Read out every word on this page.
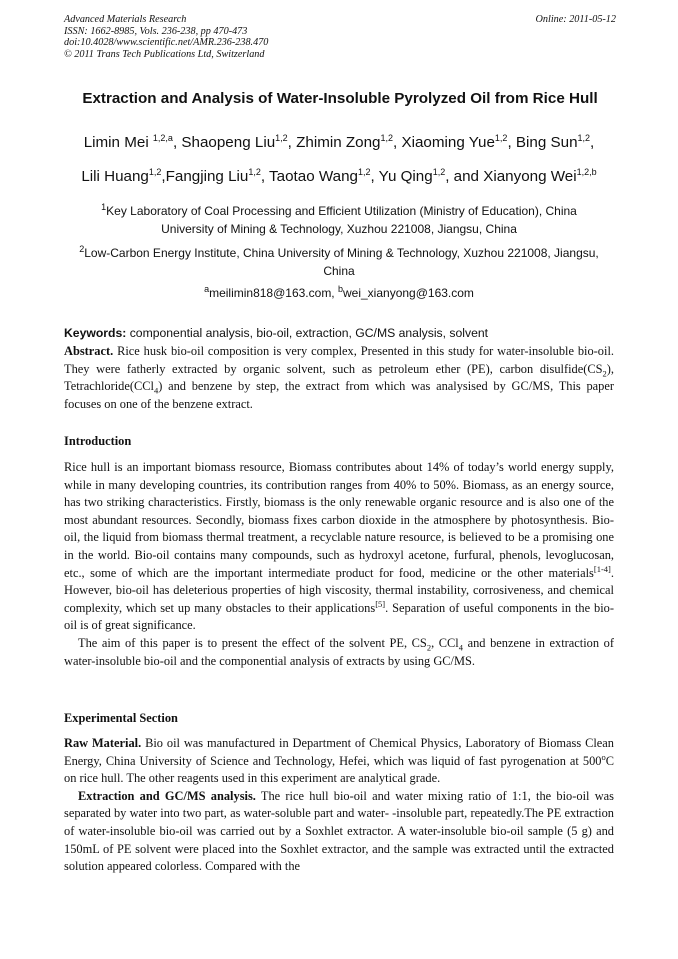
Advanced Materials Research
ISSN: 1662-8985, Vols. 236-238, pp 470-473
doi:10.4028/www.scientific.net/AMR.236-238.470
© 2011 Trans Tech Publications Ltd, Switzerland
Online: 2011-05-12
Extraction and Analysis of Water-Insoluble Pyrolyzed Oil from Rice Hull
Limin Mei $^{1,2,a}$, Shaopeng Liu$^{1,2}$, Zhimin Zong$^{1,2}$, Xiaoming Yue$^{1,2}$, Bing Sun$^{1,2}$,
Lili Huang$^{1,2}$,Fangjing Liu$^{1,2}$, Taotao Wang$^{1,2}$, Yu Qing$^{1,2}$, and Xianyong Wei$^{1,2,b}$
$^1$Key Laboratory of Coal Processing and Efficient Utilization (Ministry of Education), China
University of Mining & Technology, Xuzhou 221008, Jiangsu, China
$^2$Low-Carbon Energy Institute, China University of Mining & Technology, Xuzhou 221008, Jiangsu,
China
$^a$meilimin818@163.com, $^b$wei_xianyong@163.com
Keywords: componential analysis, bio-oil, extraction, GC/MS analysis, solvent

Abstract. Rice husk bio-oil composition is very complex, Presented in this study for water-insoluble bio-oil. They were fatherly extracted by organic solvent, such as petroleum ether (PE), carbon $disulfide(CS_2)$, Tetrachloride(CCl$_4$) and benzene by step, the extract from which was analysised by GC/MS, This paper focuses on one of the benzene extract.

Introduction

Rice hull is an important biomass resource, Biomass contributes about 14% of today’s world energy supply, while in many developing countries, its contribution ranges from 40% to 50%. Biomass, as an energy source, has two striking characteristics. Firstly, biomass is the only renewable organic resource and is also one of the most abundant resources. Secondly, biomass fixes carbon dioxide in the atmosphere by photosynthesis. Bio-oil, the liquid from biomass thermal treatment, a recyclable nature resource, is believed to be a promising one in the world. Bio-oil contains many compounds, such as hydroxyl acetone, furfural, phenols, levoglucosan, etc., some of which are the important intermediate product for food, medicine or the other materials[1-4]. However, bio-oil has deleterious properties of high viscosity, thermal instability, corrosiveness, and chemical complexity, which set up many obstacles to their applications[5]. Separation of useful components in the bio-oil is of great significance.

The aim of this paper is to present the effect of the solvent PE, $CS_2$, CCl$_4$ and benzene in extraction of water-insoluble bio-oil and the componential analysis of extracts by using GC/MS.

Experimental Section

Raw Material. Bio oil was manufactured in Department of Chemical Physics, Laboratory of Biomass Clean Energy, China University of Science and Technology, Hefei, which was liquid of fast pyrogenation at 500$^o$C on rice hull. The other reagents used in this experiment are analytical grade.

Extraction and GC/MS analysis. The rice hull bio-oil and water mixing ratio of 1:1, the bio-oil was separated by water into two part, as water-soluble part and water- -insoluble part, repeatedly.The PE extraction of water-insoluble bio-oil was carried out by a Soxhlet extractor. A water-insoluble bio-oil sample (5 g) and 150mL of PE solvent were placed into the Soxhlet extractor, and the sample was extracted until the extracted solution appeared colorless. Compared with the
